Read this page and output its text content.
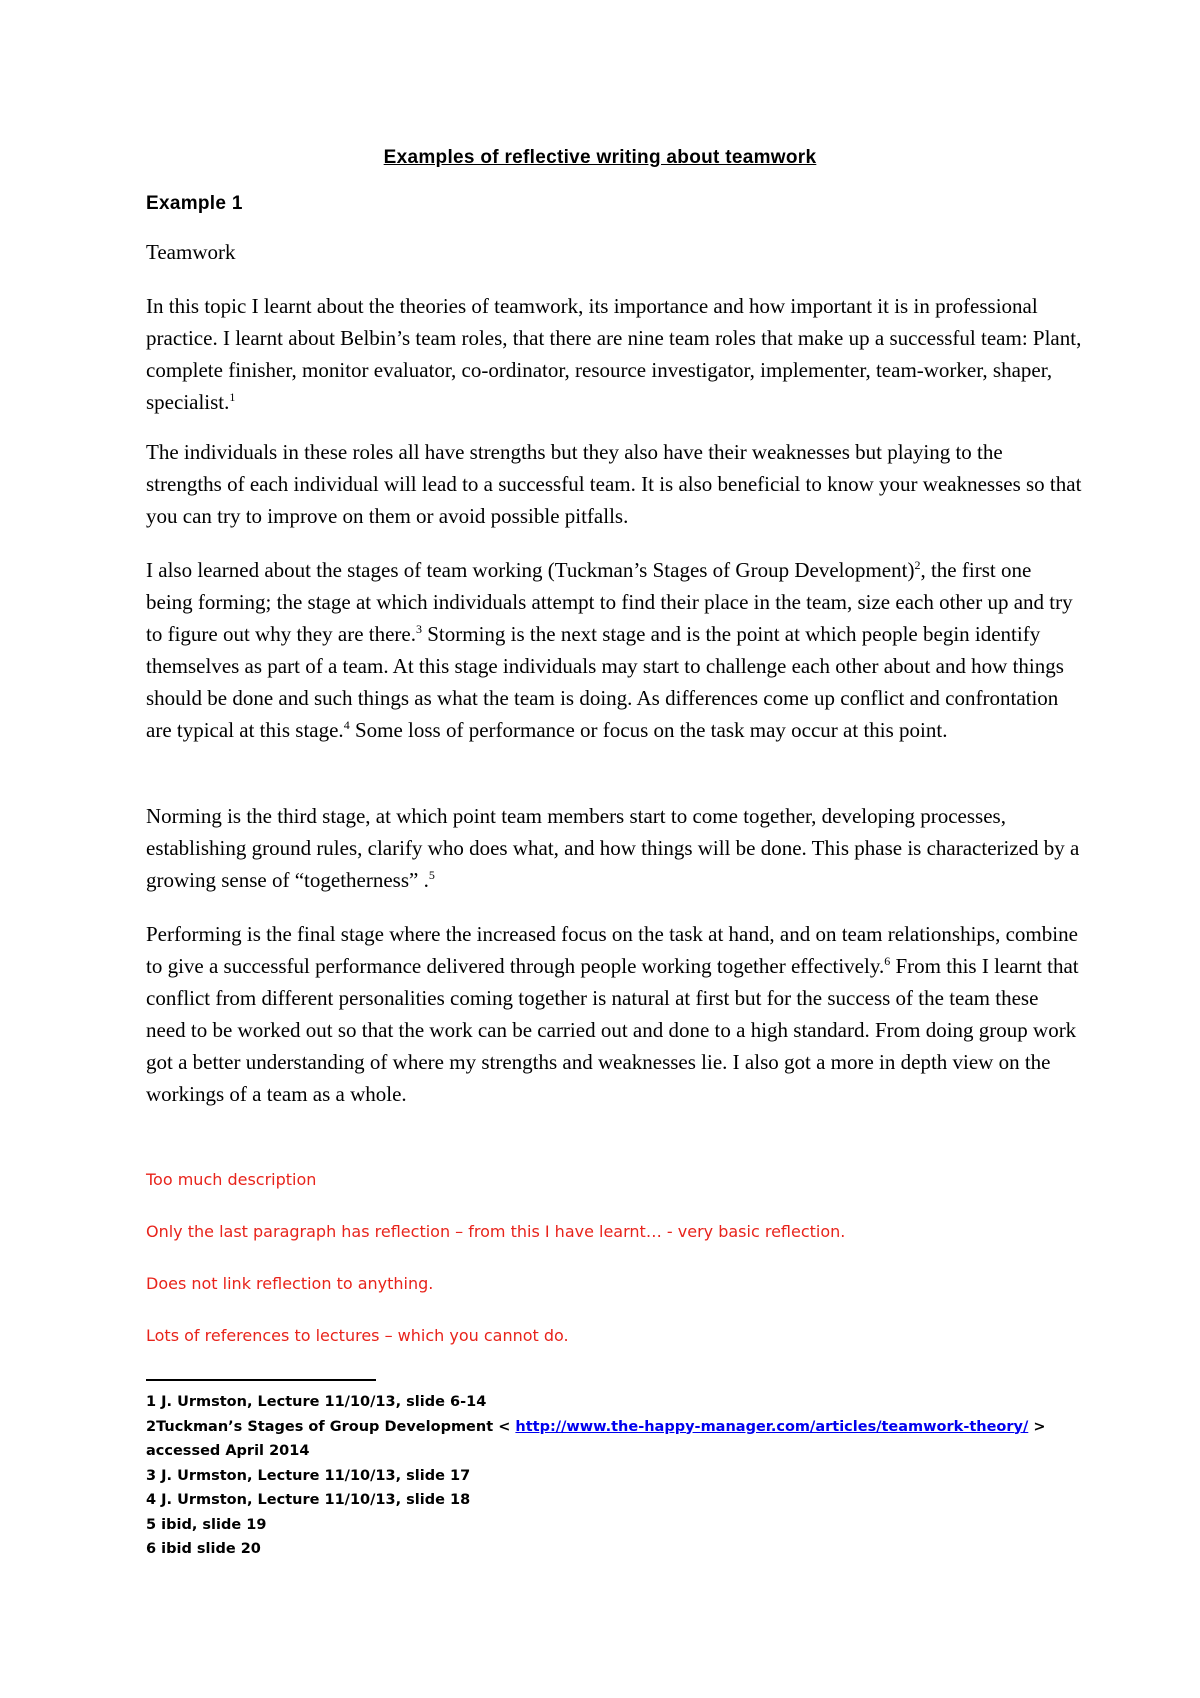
Examples of reflective writing about teamwork
Example 1
Teamwork

In this topic I learnt about the theories of teamwork, its importance and how important it is in professional practice. I learnt about Belbin’s team roles, that there are nine team roles that make up a successful team: Plant, complete finisher, monitor evaluator, co-ordinator, resource investigator, implementer, team-worker, shaper, specialist.$^1$

The individuals in these roles all have strengths but they also have their weaknesses but playing to the strengths of each individual will lead to a successful team. It is also beneficial to know your weaknesses so that you can try to improve on them or avoid possible pitfalls.

I also learned about the stages of team working (Tuckman’s Stages of Group Development)$^2$, the first one being forming; the stage at which individuals attempt to find their place in the team, size each other up and try to figure out why they are there.$^3$ Storming is the next stage and is the point at which people begin identify themselves as part of a team. At this stage individuals may start to challenge each other about and how things should be done and such things as what the team is doing. As differences come up conflict and confrontation are typical at this stage.$^4$ Some loss of performance or focus on the task may occur at this point.

Norming is the third stage, at which point team members start to come together, developing processes, establishing ground rules, clarify who does what, and how things will be done. This phase is characterized by a growing sense of “togetherness” .$^5$

Performing is the final stage where the increased focus on the task at hand, and on team relationships, combine to give a successful performance delivered through people working together effectively.$^6$ From this I learnt that conflict from different personalities coming together is natural at first but for the success of the team these need to be worked out so that the work can be carried out and done to a high standard. From doing group work got a better understanding of where my strengths and weaknesses lie. I also got a more in depth view on the workings of a team as a whole.

Too much description

Only the last paragraph has reflection – from this I have learnt… - very basic reflection.

Does not link reflection to anything.

Lots of references to lectures – which you cannot do.

1 J. Urmston, Lecture 11/10/13, slide 6-14
2Tuckman’s Stages of Group Development < http://www.the-happy-manager.com/articles/teamwork-theory/ >
accessed April 2014
3 J. Urmston, Lecture 11/10/13, slide 17
4 J. Urmston, Lecture 11/10/13, slide 18
5 ibid, slide 19
6 ibid slide 20
